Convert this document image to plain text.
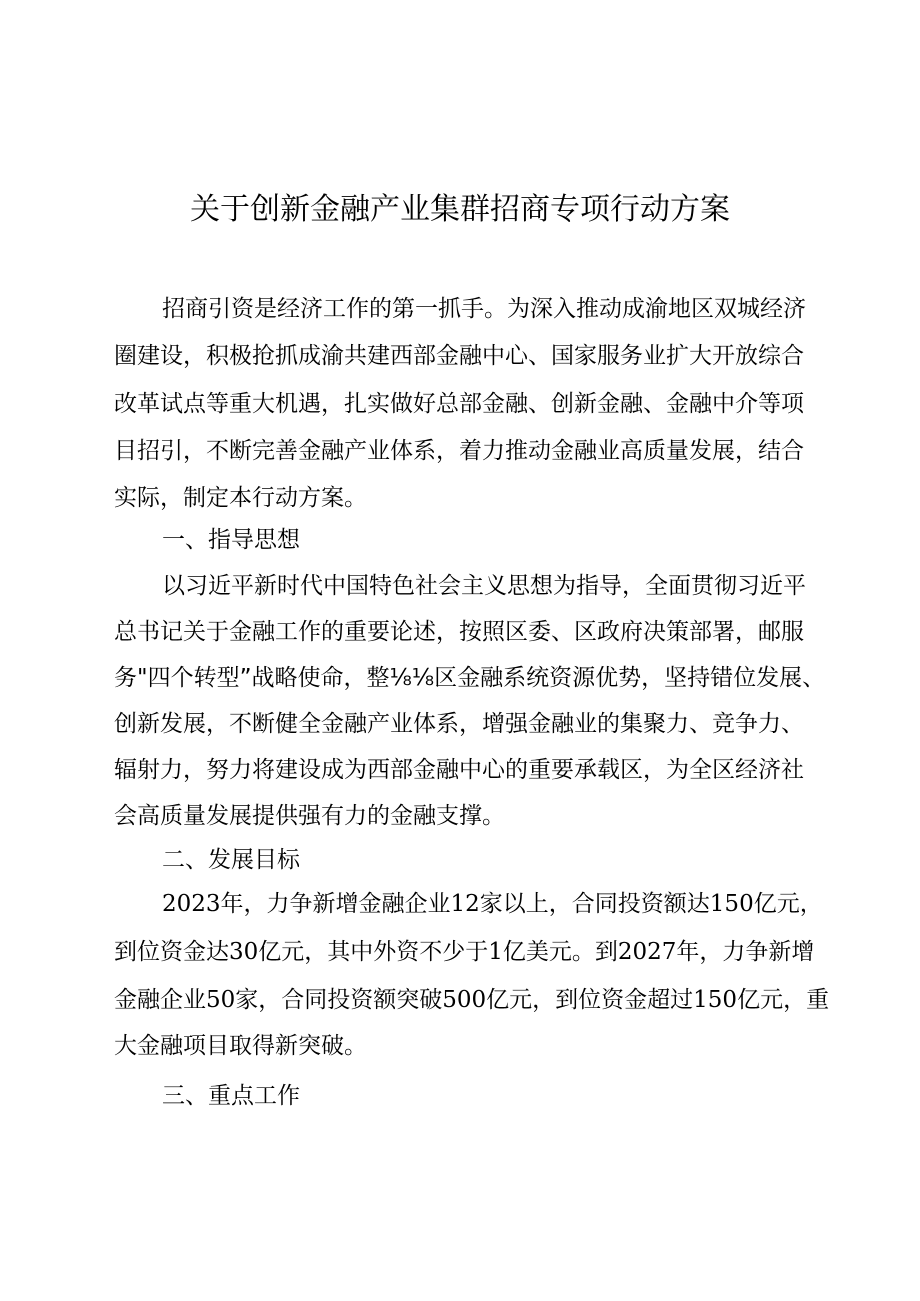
关于创新金融产业集群招商专项行动方案

招商引资是经济工作的第一抓手。为深入推动成渝地区双城经济

圈建设，积极抢抓成渝共建西部金融中心、国家服务业扩大开放综合

改革试点等重大机遇，扎实做好总部金融、创新金融、金融中介等项

目招引，不断完善金融产业体系，着力推动金融业高质量发展，结合

实际，制定本行动方案。

一、指导思想

以习近平新时代中国特色社会主义思想为指导，全面贯彻习近平

总书记关于金融工作的重要论述，按照区委、区政府决策部署，邮服

务"四个转型”战略使命，整⅛⅛区金融系统资源优势，坚持错位发展、

创新发展，不断健全金融产业体系，增强金融业的集聚力、竞争力、

辐射力，努力将建设成为西部金融中心的重要承载区，为全区经济社

会高质量发展提供强有力的金融支撑。

二、发展目标

2023年，力争新增金融企业12家以上，合同投资额达150亿元，

到位资金达30亿元，其中外资不少于1亿美元。到2027年，力争新增

金融企业50家，合同投资额突破500亿元，到位资金超过150亿元，重

大金融项目取得新突破。

三、重点工作
